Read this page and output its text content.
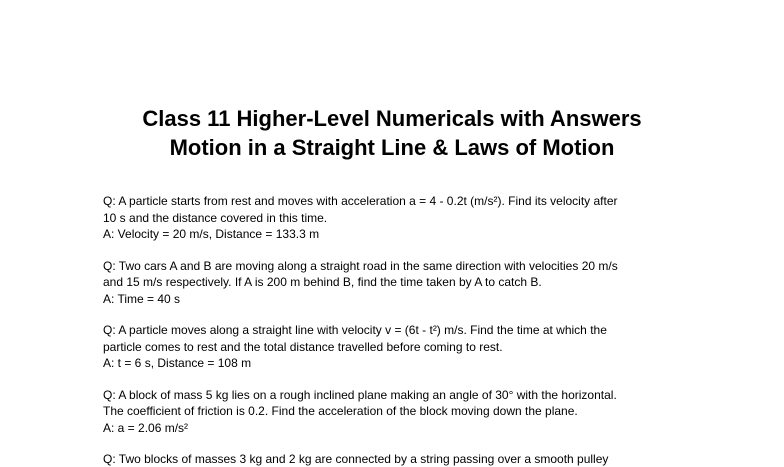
Class 11 Higher-Level Numericals with Answers
Motion in a Straight Line & Laws of Motion
Q: A particle starts from rest and moves with acceleration a = 4 - 0.2t (m/s²). Find its velocity after
10 s and the distance covered in this time.
A: Velocity = 20 m/s, Distance = 133.3 m
Q: Two cars A and B are moving along a straight road in the same direction with velocities 20 m/s
and 15 m/s respectively. If A is 200 m behind B, find the time taken by A to catch B.
A: Time = 40 s
Q: A particle moves along a straight line with velocity v = (6t - t²) m/s. Find the time at which the
particle comes to rest and the total distance travelled before coming to rest.
A: t = 6 s, Distance = 108 m
Q: A block of mass 5 kg lies on a rough inclined plane making an angle of 30° with the horizontal.
The coefficient of friction is 0.2. Find the acceleration of the block moving down the plane.
A: a = 2.06 m/s²
Q: Two blocks of masses 3 kg and 2 kg are connected by a string passing over a smooth pulley
